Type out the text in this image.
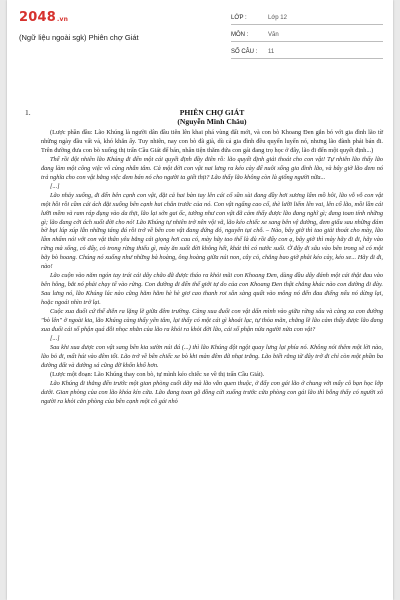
2048.vn
(Ngữ liệu ngoài sgk) Phiên chợ Giát
LỚP :	Lớp 12
MÔN :	Văn
SỐ CÂU :	11
1.	PHIÊN CHỢ GIÁT
(Nguyễn Minh Châu)

(Lược phần đầu: Lão Khúng là người dân đầu tiên lên khai phá vùng đất mới, và con bò Khoang Đen gắn bó với gia đình lão từ những ngày đầu vất vả, khó khăn ấy. Tuy nhiên, nay con bò đã già, dù cả gia đình đều quyến luyến nó, nhưng lão đành phải bán đi. Trên đường đưa con bò xuống thị trấn Cầu Giát để bán, nhân tiện thăm đứa con gái đang trọ học ở đây, lão đi đến một quyết định...)

Thế rồi đột nhiên lão Khúng đi đến một cái quyết định đầy điên rồ: lão quyết định giải thoát cho con vật! Tự nhiên lão thấy lão đang làm một công việc vô cùng nhẫn tâm. Cả một đời con vật nai lưng ra kéo cày để nuôi sống gia đình lão, và bây giờ lão đem nó trả nghĩa cho con vật bằng việc đem bán nó cho người ta giết thịt? Lão thấy lão không còn là giống người nữa...

[...]

Lão nhảy xuống, đi đến bên cạnh con vật, đặt cả hai bàn tay lên cái cổ sần sùi đang đầy hơi sương lấm mồ hôi, lão vỗ vỗ con vật một hồi rồi cầm cái ách đặt xuống bên cạnh hai chân trước của nó. Con vật ngẩng cao cổ, thè lưỡi liếm lên vai, lên cổ lão, mồi lần cái lưỡi mềm và ram ráp đụng vào da thịt, lão lại sởn gai ốc, tưởng như con vật đã cảm thấy được lão đang nghĩ gì; đang toan tính những gì; lão đang cởi ách suốt đời cho nó! Lão Khúng tự nhiên trở nên vội vã, lão kéo chiếc xe sang bên vệ đường, đem giấu sau những đám bờ bụi lúp xúp lẫn những táng đá rồi trở về bên con vật đang đứng đó, nguyên tại chỗ. – Nào, bây giờ thì tao giải thoát cho mày, lão lẩm nhẩm nói với con vật thân yêu bằng cái giọng hơi cau có, mày hãy tao thế là đủ rồi đấy con ạ, bây giờ thì mày hãy đi đi, hãy vào rừng mà sống, có đấy, cỏ trong rừng thiếu gì, mày ăn suốt đời không hết, khát thì có nước suối. Ở đây đi sâu vào bên trong sẽ có một bãy bò hoang. Chúng nó xuống như những bà hoàng, ông hoàng giữa núi non, cây cỏ, chẳng bao giờ phải kéo cày, kéo xe... Hãy đi đi, nào!

Lão cuộn vào năm ngón tay trái cái dây chão đã được tháo ra khỏi mũi con Khoang Đen, dùng đầu dây đánh một cái thật đau vào bên hông, bắt nó phải chạy tế vào rừng. Con đường đi đến thế giới tự do của con Khoang Đen thật chẳng khác nào con đường đi đày. Sau lưng nó, lão Khúng lúc nào cũng hăm hăm hè hè giơ cao thanh roi sẵn sàng quất vào mông nó đến đau điếng nếu nó dừng lại, hoặc ngoái nhìn trở lại.

Cuộc xua đuổi cứ thế diễn ra lặng lẽ giữa đêm trường. Càng xua đuổi con vật dấn mình vào giữa rừng sâu và càng xa con đường "bò lên" ở ngoài kia, lão Khúng càng thấy yên tâm, lại thấy có một cái gì khoái lạc, tự thỏa mãn, chẳng lẽ lão cảm thấy được lão đang xua đuổi cái số phận quá đỗi nhọc nhằn của lão ra khỏi ra khỏi đời lão, cái số phận nửa người nửa con vật?

[...]

Sau khi xua được con vật sang bên kia sườn núi đá (...) thì lão Khúng đột ngột quay lưng lại phía nó. Không nói thêm một lời nào, lão bỏ đi, mất hút vào đêm tối. Lão trở về bên chiếc xe bò khi màn đêm đã nhạt trắng. Lão biết rằng từ đây trở đi chỉ còn một phần ba đường đất và đường sá cũng đỡ khốn khổ hơn.

(Lược một đoạn: Lão Khúng thay con bò, tự mình kéo chiếc xe về thị trấn Cầu Giát).

Lão Khúng đi thẳng đến trước một gian phòng cuối dãy mà lão vẫn quen thuộc, ở đấy con gái lão ở chung với mấy cô bạn học lớp dưới. Gian phòng của con lão khóa kín cửa. Lão đang toan gõ đồng cửi xuống trước cửa phòng con gái lão thì bỗng thấy có người xô người ra khỏi căn phòng của bên cạnh một cô gái nhỏ
